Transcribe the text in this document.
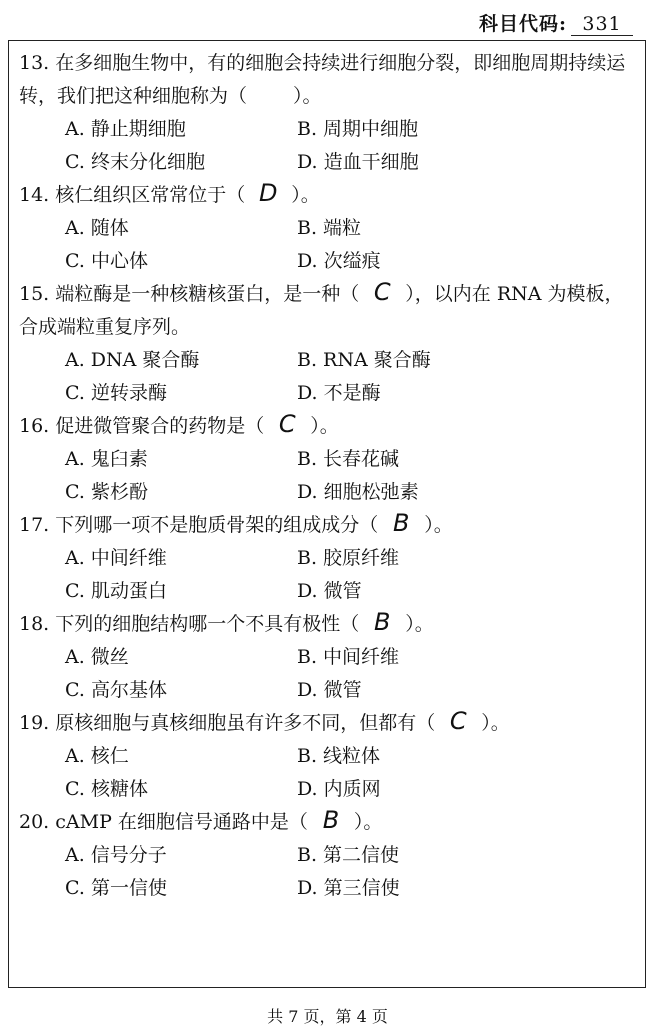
科目代码: 331
13. 在多细胞生物中，有的细胞会持续进行细胞分裂，即细胞周期持续运转，我们把这种细胞称为（ ）。
A. 静止期细胞	B. 周期中细胞
C. 终末分化细胞	D. 造血干细胞
14. 核仁组织区常常位于（ D ）。
A. 随体	B. 端粒
C. 中心体	D. 次缢痕
15. 端粒酶是一种核糖核蛋白，是一种（ C ），以内在 RNA 为模板，合成端粒重复序列。
A. DNA 聚合酶	B. RNA 聚合酶
C. 逆转录酶	D. 不是酶
16. 促进微管聚合的药物是（ C ）。
A. 鬼臼素	B. 长春花碱
C. 紫杉酚	D. 细胞松弛素
17. 下列哪一项不是胞质骨架的组成成分（ B ）。
A. 中间纤维	B. 胶原纤维
C. 肌动蛋白	D. 微管
18. 下列的细胞结构哪一个不具有极性（ B ）。
A. 微丝	B. 中间纤维
C. 高尔基体	D. 微管
19. 原核细胞与真核细胞虽有许多不同，但都有（ C ）。
A. 核仁	B. 线粒体
C. 核糖体	D. 内质网
20. cAMP 在细胞信号通路中是（ B ）。
A. 信号分子	B. 第二信使
C. 第一信使	D. 第三信使
共 7 页，第 4 页
